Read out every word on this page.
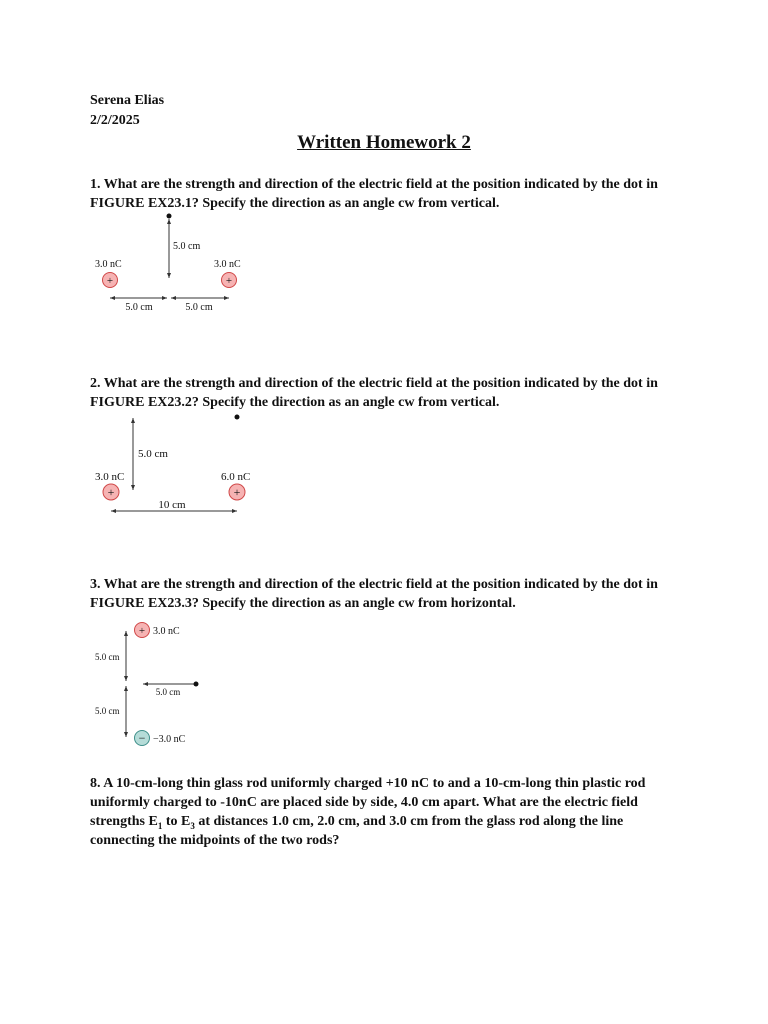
Serena Elias
2/2/2025
Written Homework 2
1. What are the strength and direction of the electric field at the position indicated by the dot in FIGURE EX23.1? Specify the direction as an angle cw from vertical.
5.0 cm
3.0 nC
+
3.0 nC
+
5.0 cm	5.0 cm
2. What are the strength and direction of the electric field at the position indicated by the dot in FIGURE EX23.2? Specify the direction as an angle cw from vertical.
5.0 cm
3.0 nC
+
6.0 nC
+
10 cm
3. What are the strength and direction of the electric field at the position indicated by the dot in FIGURE EX23.3? Specify the direction as an angle cw from horizontal.
+ 3.0 nC
5.0 cm
5.0 cm
5.0 cm
− −3.0 nC
8. A 10-cm-long thin glass rod uniformly charged +10 nC to and a 10-cm-long thin plastic rod uniformly charged to -10nC are placed side by side, 4.0 cm apart. What are the electric field strengths $E_1$ to $E_3$ at distances 1.0 cm, 2.0 cm, and 3.0 cm from the glass rod along the line connecting the midpoints of the two rods?
